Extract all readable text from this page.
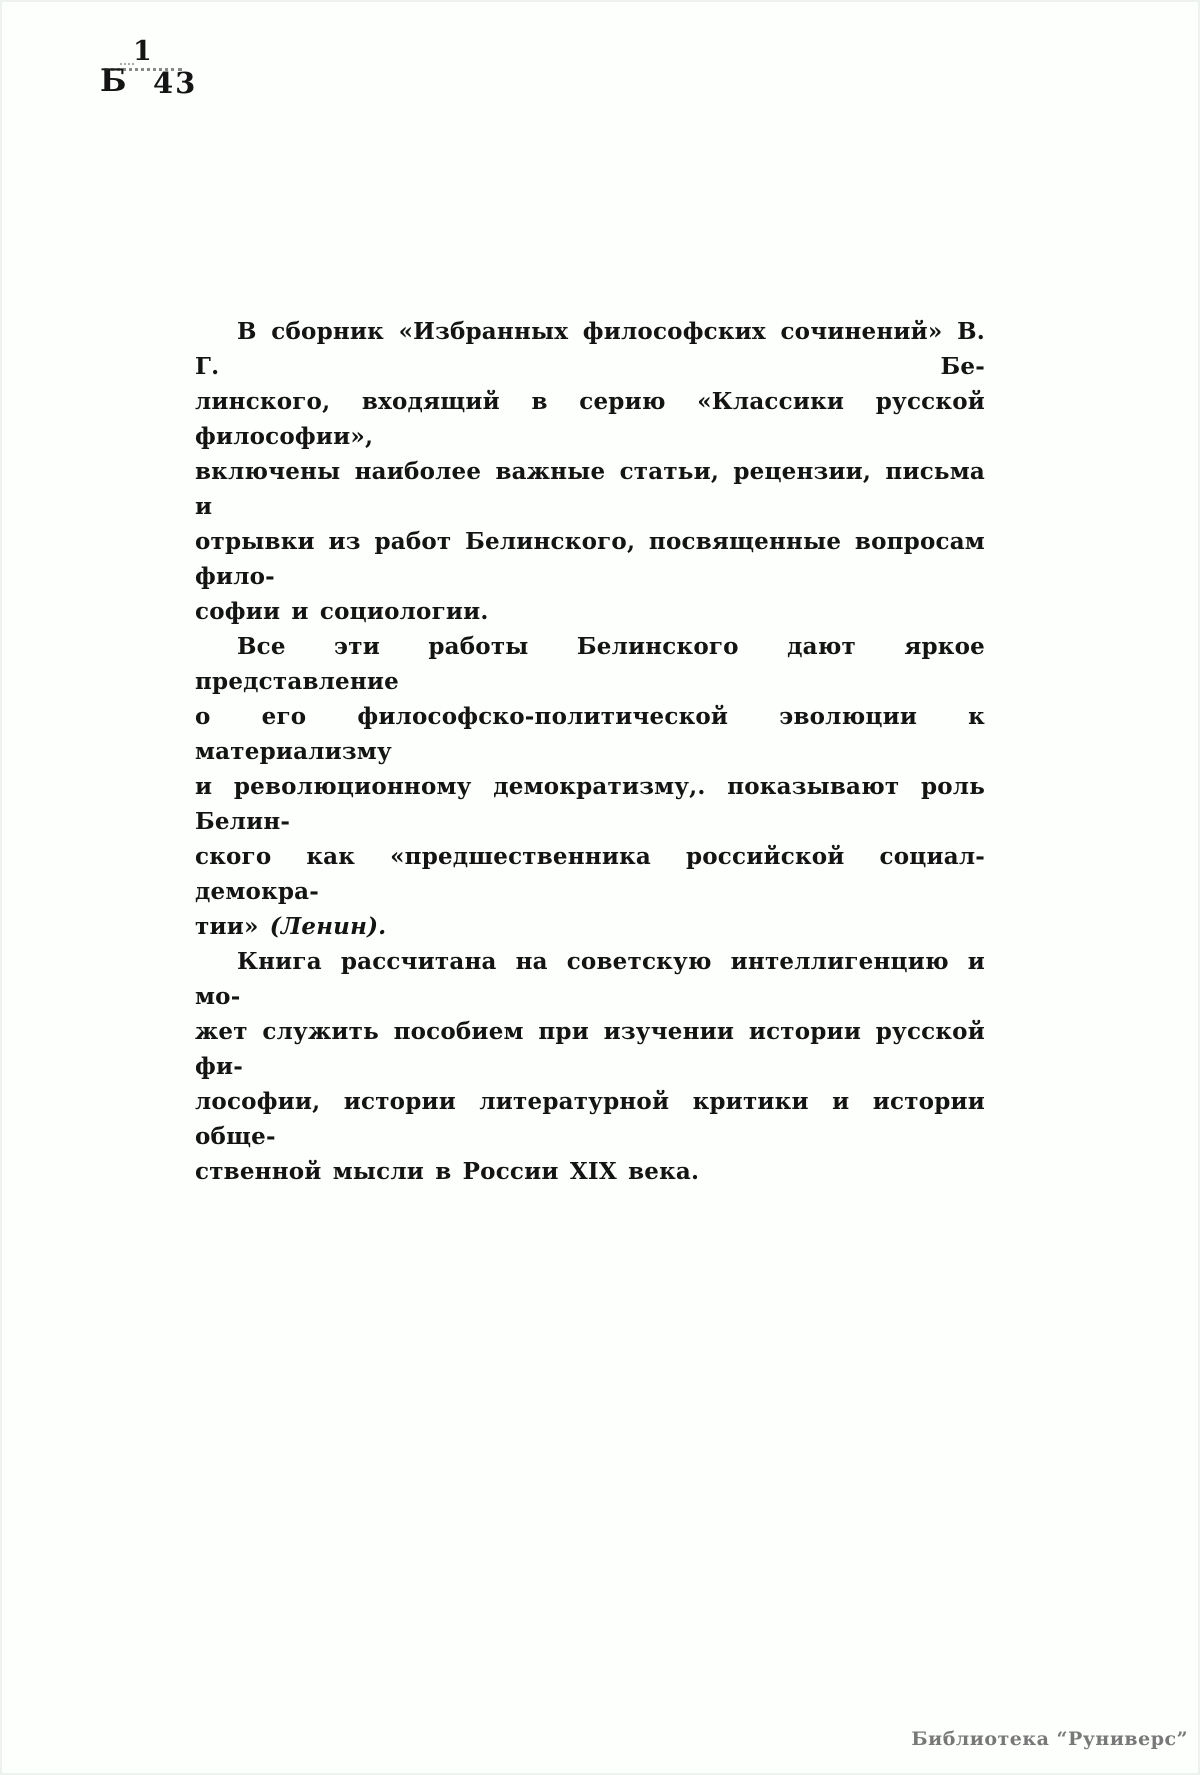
1
Б 43
В сборник «Избранных философских сочинений» В. Г. Бе-
линского, входящий в серию «Классики русской философии»,
включены наиболее важные статьи, рецензии, письма и
отрывки из работ Белинского, посвященные вопросам фило-
софии и социологии.
Все эти работы Белинского дают яркое представление
о его философско-политической эволюции к материализму
и революционному демократизму,. показывают роль Белин-
ского как «предшественника российской социал-демокра-
тии» (Ленин).
Книга рассчитана на советскую интеллигенцию и мо-
жет служить пособием при изучении истории русской фи-
лософии, истории литературной критики и истории обще-
ственной мысли в России XIX века.
Библиотека “Руниверс”
